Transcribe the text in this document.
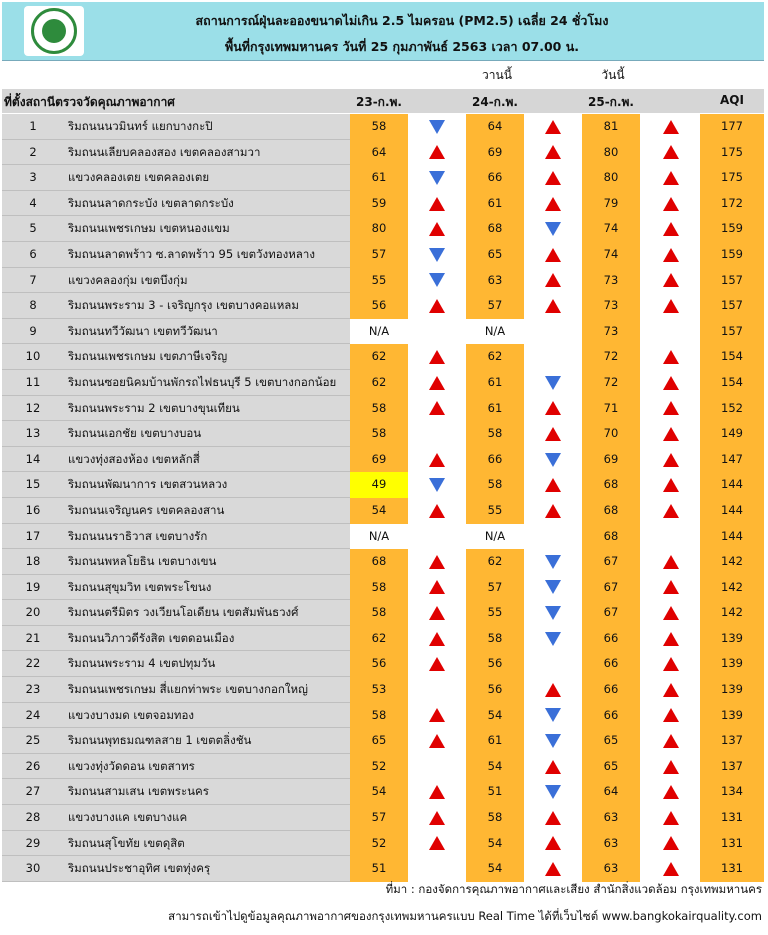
สถานการณ์ฝุ่นละอองขนาดไม่เกิน 2.5 ไมครอน (PM2.5) เฉลี่ย 24 ชั่วโมง
พื้นที่กรุงเทพมหานคร วันที่ 25 กุมภาพันธ์ 2563 เวลา 07.00 น.
วานนี้	วันนี้
ที่ตั้งสถานีตรวจวัดคุณภาพอากาศ	23-ก.พ.	24-ก.พ.	25-ก.พ.	AQI
1	ริมถนนนวมินทร์ แยกบางกะปิ	58	64	81	177
2	ริมถนนเลียบคลองสอง เขตคลองสามวา	64	69	80	175
3	แขวงคลองเตย เขตคลองเตย	61	66	80	175
4	ริมถนนลาดกระบัง เขตลาดกระบัง	59	61	79	172
5	ริมถนนเพชรเกษม เขตหนองแขม	80	68	74	159
6	ริมถนนลาดพร้าว ซ.ลาดพร้าว 95 เขตวังทองหลาง	57	65	74	159
7	แขวงคลองกุ่ม เขตบึงกุ่ม	55	63	73	157
8	ริมถนนพระราม 3 - เจริญกรุง เขตบางคอแหลม	56	57	73	157
9	ริมถนนทวีวัฒนา เขตทวีวัฒนา	N/A	N/A	73	157
10	ริมถนนเพชรเกษม เขตภาษีเจริญ	62	62	72	154
11	ริมถนนซอยนิคมบ้านพักรถไฟธนบุรี 5 เขตบางกอกน้อย	62	61	72	154
12	ริมถนนพระราม 2 เขตบางขุนเทียน	58	61	71	152
13	ริมถนนเอกชัย เขตบางบอน	58	58	70	149
14	แขวงทุ่งสองห้อง เขตหลักสี่	69	66	69	147
15	ริมถนนพัฒนาการ เขตสวนหลวง	49	58	68	144
16	ริมถนนเจริญนคร เขตคลองสาน	54	55	68	144
17	ริมถนนนราธิวาส เขตบางรัก	N/A	N/A	68	144
18	ริมถนนพหลโยธิน เขตบางเขน	68	62	67	142
19	ริมถนนสุขุมวิท เขตพระโขนง	58	57	67	142
20	ริมถนนตรีมิตร วงเวียนโอเดียน เขตสัมพันธวงศ์	58	55	67	142
21	ริมถนนวิภาวดีรังสิต เขตดอนเมือง	62	58	66	139
22	ริมถนนพระราม 4 เขตปทุมวัน	56	56	66	139
23	ริมถนนเพชรเกษม สี่แยกท่าพระ เขตบางกอกใหญ่	53	56	66	139
24	แขวงบางมด เขตจอมทอง	58	54	66	139
25	ริมถนนพุทธมณฑลสาย 1 เขตตลิ่งชัน	65	61	65	137
26	แขวงทุ่งวัดดอน เขตสาทร	52	54	65	137
27	ริมถนนสามเสน เขตพระนคร	54	51	64	134
28	แขวงบางแค เขตบางแค	57	58	63	131
29	ริมถนนสุโขทัย เขตดุสิต	52	54	63	131
30	ริมถนนประชาอุทิศ เขตทุ่งครุ	51	54	63	131
ที่มา : กองจัดการคุณภาพอากาศและเสียง สำนักสิ่งแวดล้อม กรุงเทพมหานคร
สามารถเข้าไปดูข้อมูลคุณภาพอากาศของกรุงเทพมหานครแบบ Real Time ได้ที่เว็บไซต์ www.bangkokairquality.com
